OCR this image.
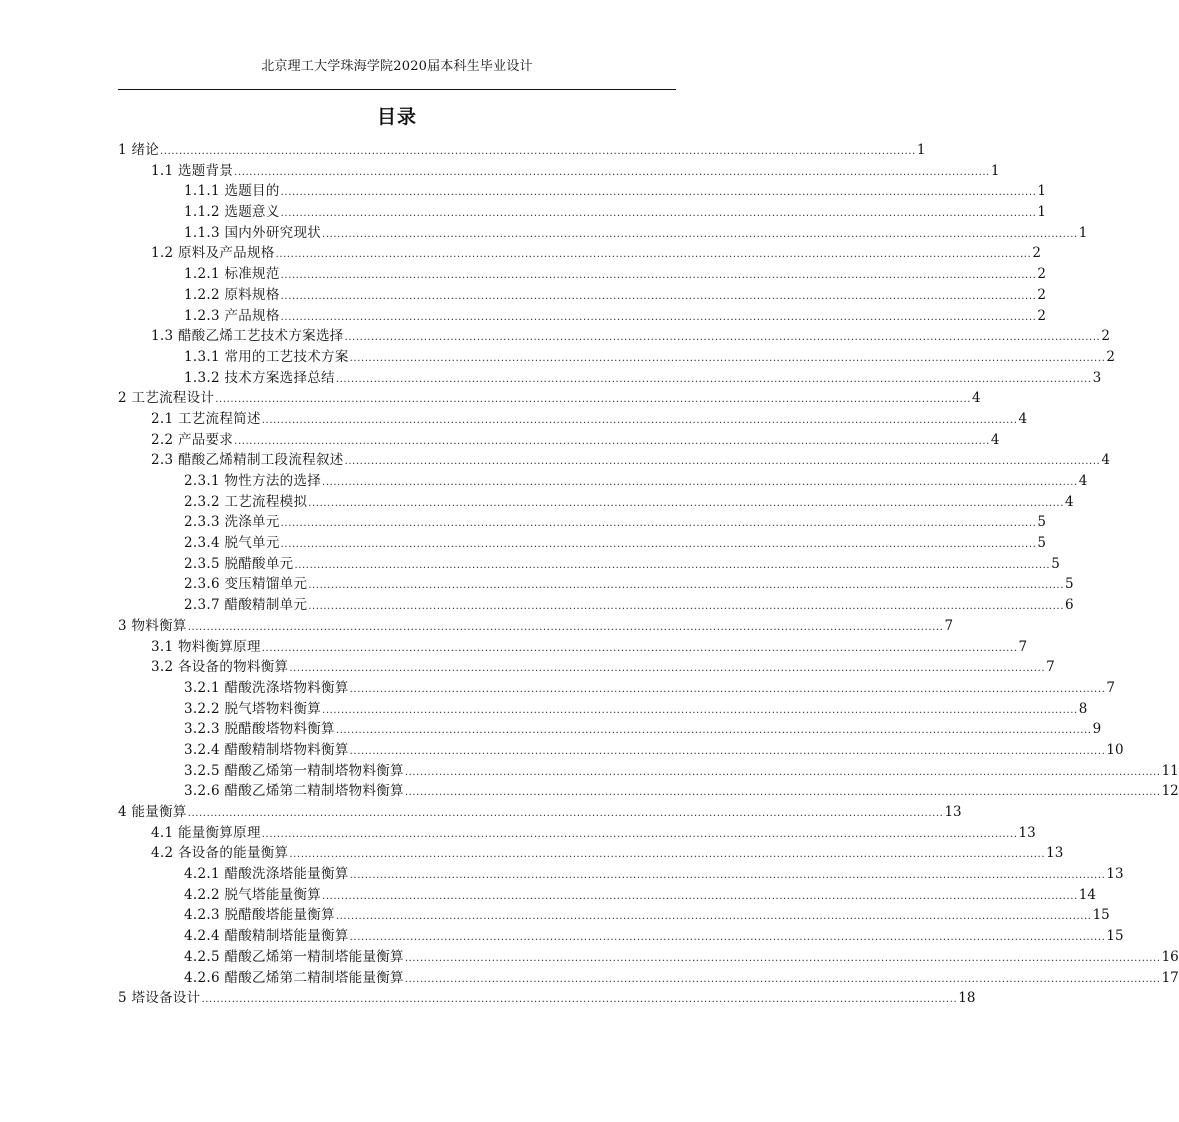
北京理工大学珠海学院2020届本科生毕业设计
目录
1 绪论 ........................................................................................................................................................................................................ 1
1.1 选题背景 ........................................................................................................................................................................................................ 1
1.1.1 选题目的 ........................................................................................................................................................................................................ 1
1.1.2 选题意义 ........................................................................................................................................................................................................ 1
1.1.3 国内外研究现状 ........................................................................................................................................................................................................ 1
1.2 原料及产品规格 ........................................................................................................................................................................................................ 2
1.2.1 标准规范 ........................................................................................................................................................................................................ 2
1.2.2 原料规格 ........................................................................................................................................................................................................ 2
1.2.3 产品规格 ........................................................................................................................................................................................................ 2
1.3 醋酸乙烯工艺技术方案选择 ........................................................................................................................................................................................................ 2
1.3.1 常用的工艺技术方案 ........................................................................................................................................................................................................ 2
1.3.2 技术方案选择总结 ........................................................................................................................................................................................................ 3
2 工艺流程设计 ........................................................................................................................................................................................................ 4
2.1 工艺流程简述 ........................................................................................................................................................................................................ 4
2.2 产品要求 ........................................................................................................................................................................................................ 4
2.3 醋酸乙烯精制工段流程叙述 ........................................................................................................................................................................................................ 4
2.3.1 物性方法的选择 ........................................................................................................................................................................................................ 4
2.3.2 工艺流程模拟 ........................................................................................................................................................................................................ 4
2.3.3 洗涤单元 ........................................................................................................................................................................................................ 5
2.3.4 脱气单元 ........................................................................................................................................................................................................ 5
2.3.5 脱醋酸单元 ........................................................................................................................................................................................................ 5
2.3.6 变压精馏单元 ........................................................................................................................................................................................................ 5
2.3.7 醋酸精制单元 ........................................................................................................................................................................................................ 6
3 物料衡算 ........................................................................................................................................................................................................ 7
3.1 物料衡算原理 ........................................................................................................................................................................................................ 7
3.2 各设备的物料衡算 ........................................................................................................................................................................................................ 7
3.2.1 醋酸洗涤塔物料衡算 ........................................................................................................................................................................................................ 7
3.2.2 脱气塔物料衡算 ........................................................................................................................................................................................................ 8
3.2.3 脱醋酸塔物料衡算 ........................................................................................................................................................................................................ 9
3.2.4 醋酸精制塔物料衡算 ........................................................................................................................................................................................................ 10
3.2.5 醋酸乙烯第一精制塔物料衡算 ........................................................................................................................................................................................................ 11
3.2.6 醋酸乙烯第二精制塔物料衡算 ........................................................................................................................................................................................................ 12
4 能量衡算 ........................................................................................................................................................................................................ 13
4.1 能量衡算原理 ........................................................................................................................................................................................................ 13
4.2 各设备的能量衡算 ........................................................................................................................................................................................................ 13
4.2.1 醋酸洗涤塔能量衡算 ........................................................................................................................................................................................................ 13
4.2.2 脱气塔能量衡算 ........................................................................................................................................................................................................ 14
4.2.3 脱醋酸塔能量衡算 ........................................................................................................................................................................................................ 15
4.2.4 醋酸精制塔能量衡算 ........................................................................................................................................................................................................ 15
4.2.5 醋酸乙烯第一精制塔能量衡算 ........................................................................................................................................................................................................ 16
4.2.6 醋酸乙烯第二精制塔能量衡算 ........................................................................................................................................................................................................ 17
5 塔设备设计 ........................................................................................................................................................................................................ 18
